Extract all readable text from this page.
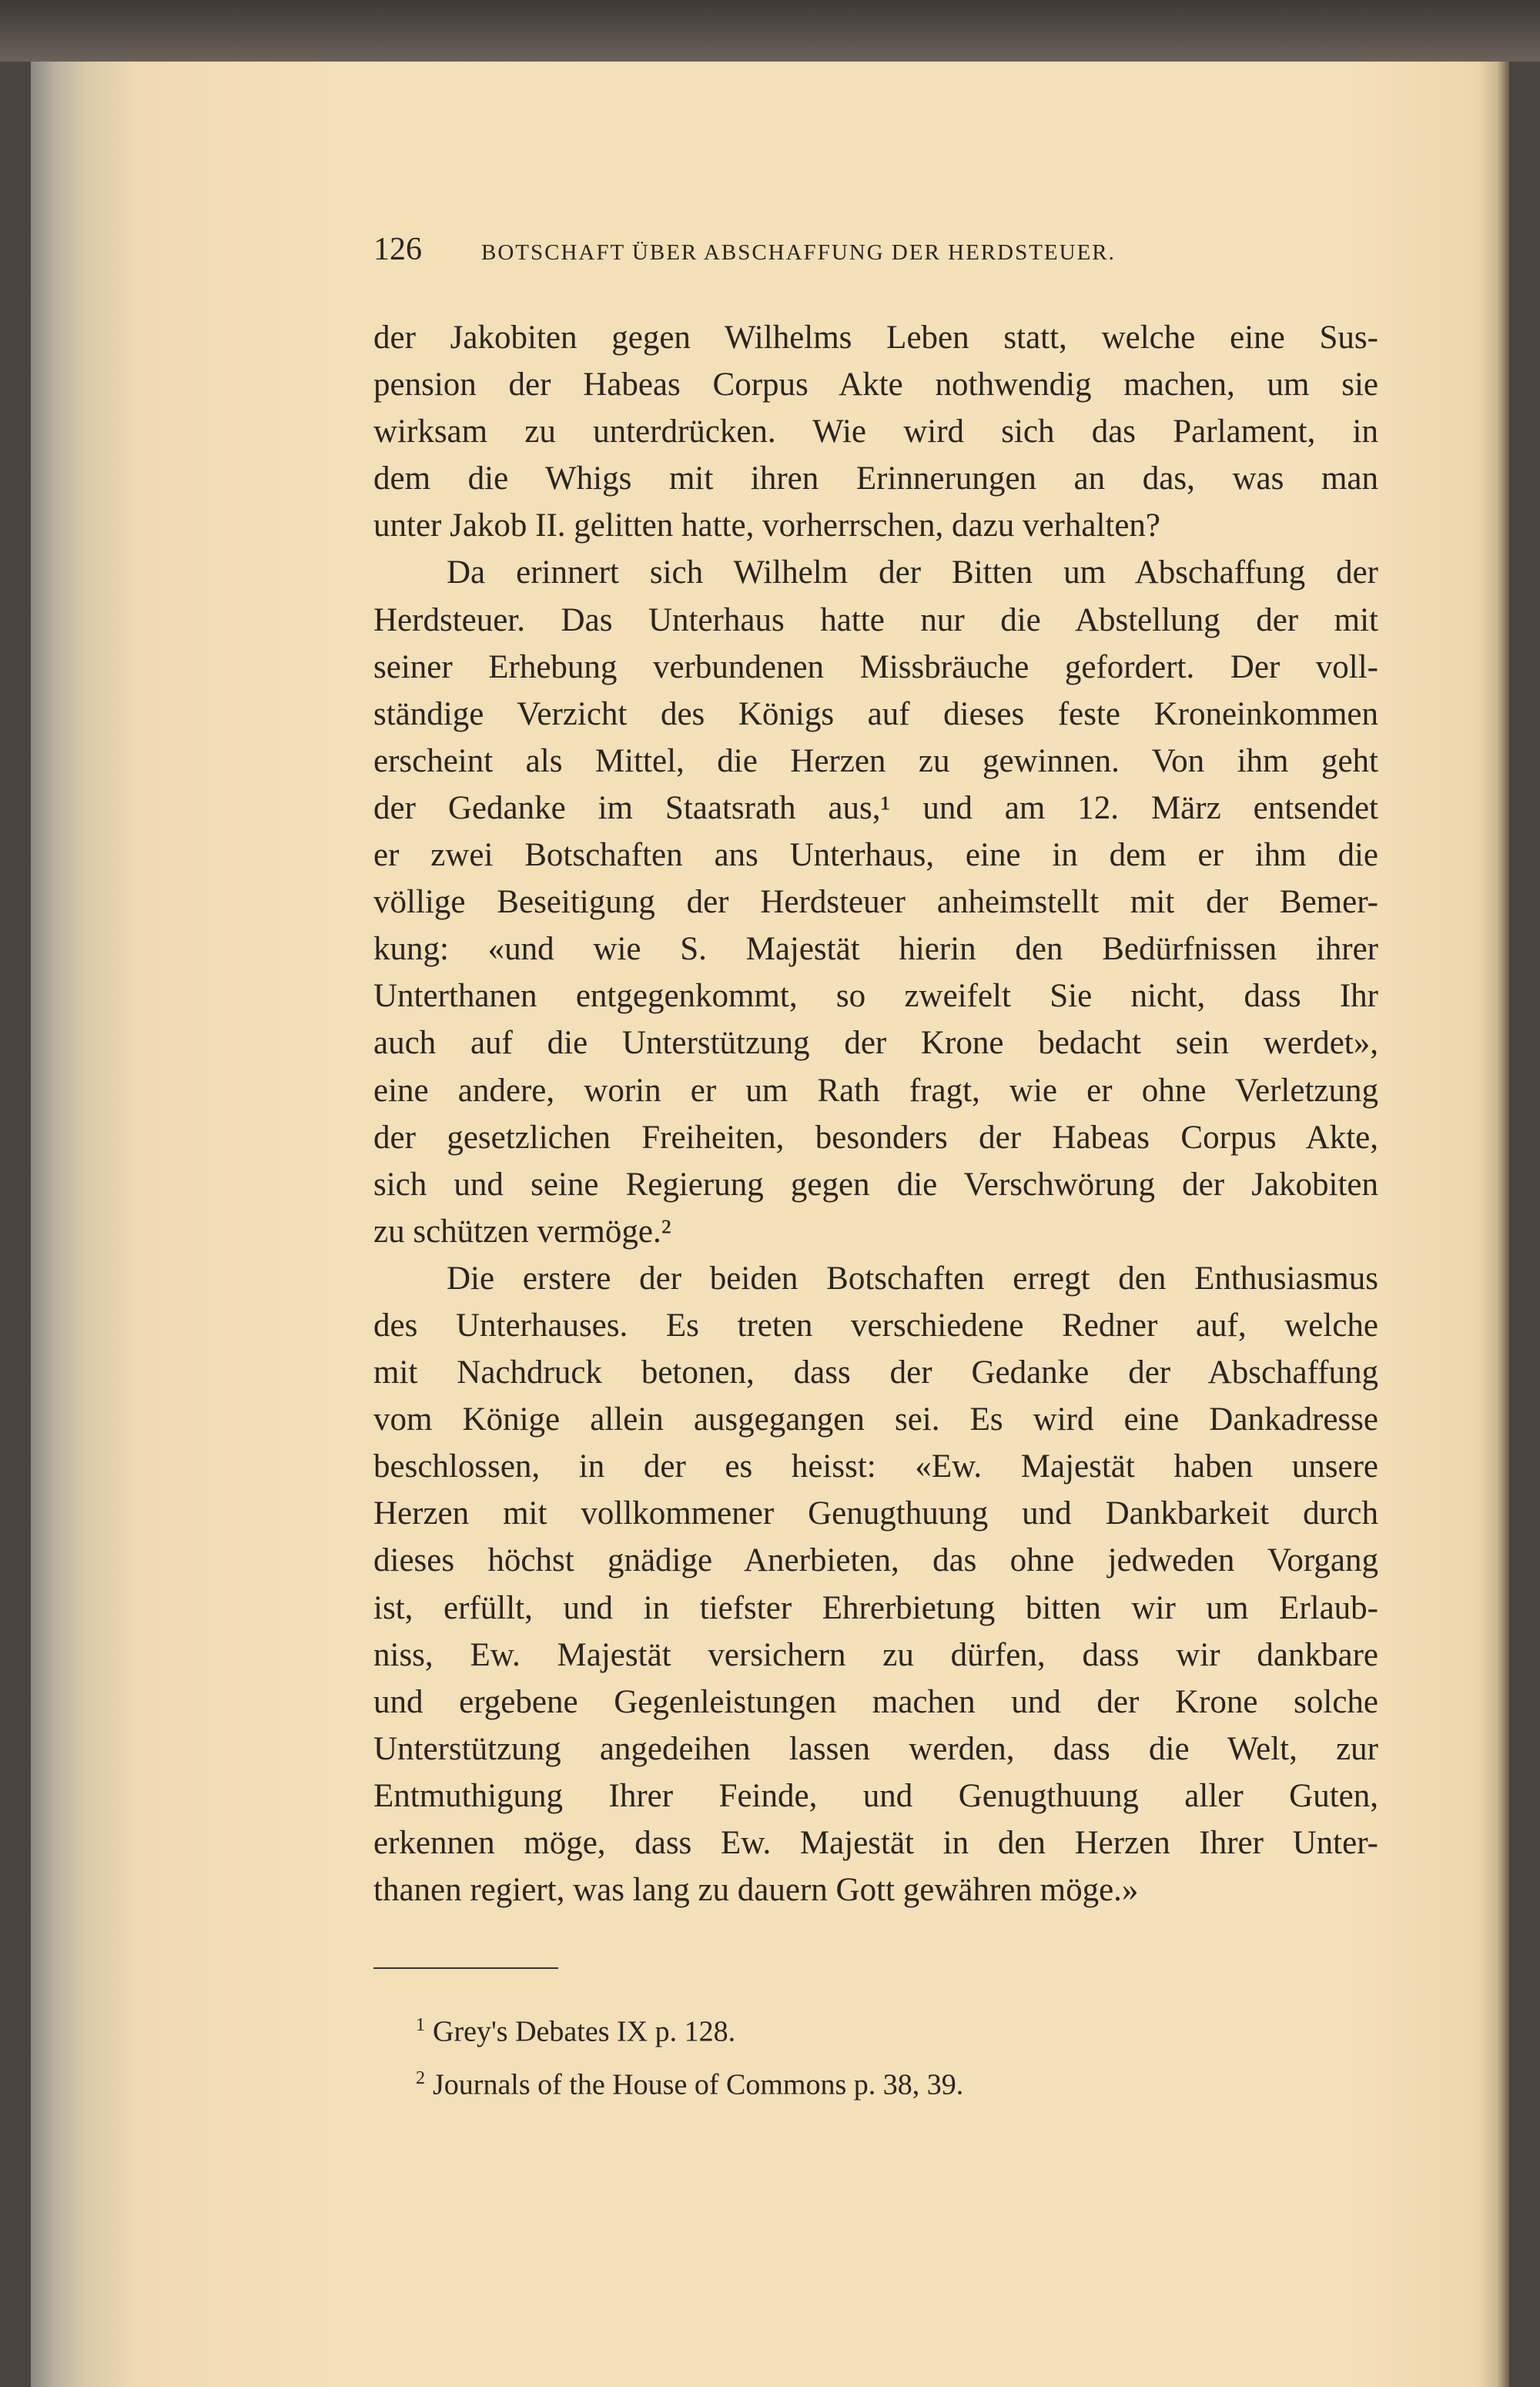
126	BOTSCHAFT ÜBER ABSCHAFFUNG DER HERDSTEUER.
der Jakobiten gegen Wilhelms Leben statt, welche eine Sus-
pension der Habeas Corpus Akte nothwendig machen, um sie
wirksam zu unterdrücken. Wie wird sich das Parlament, in
dem die Whigs mit ihren Erinnerungen an das, was man
unter Jakob II. gelitten hatte, vorherrschen, dazu verhalten?
Da erinnert sich Wilhelm der Bitten um Abschaffung der
Herdsteuer. Das Unterhaus hatte nur die Abstellung der mit
seiner Erhebung verbundenen Missbräuche gefordert. Der voll-
ständige Verzicht des Königs auf dieses feste Kroneinkommen
erscheint als Mittel, die Herzen zu gewinnen. Von ihm geht
der Gedanke im Staatsrath aus,¹ und am 12. März entsendet
er zwei Botschaften ans Unterhaus, eine in dem er ihm die
völlige Beseitigung der Herdsteuer anheimstellt mit der Bemer-
kung: «und wie S. Majestät hierin den Bedürfnissen ihrer
Unterthanen entgegenkommt, so zweifelt Sie nicht, dass Ihr
auch auf die Unterstützung der Krone bedacht sein werdet»,
eine andere, worin er um Rath fragt, wie er ohne Verletzung
der gesetzlichen Freiheiten, besonders der Habeas Corpus Akte,
sich und seine Regierung gegen die Verschwörung der Jakobiten
zu schützen vermöge.²
Die erstere der beiden Botschaften erregt den Enthusiasmus
des Unterhauses. Es treten verschiedene Redner auf, welche
mit Nachdruck betonen, dass der Gedanke der Abschaffung
vom Könige allein ausgegangen sei. Es wird eine Dankadresse
beschlossen, in der es heisst: «Ew. Majestät haben unsere
Herzen mit vollkommener Genugthuung und Dankbarkeit durch
dieses höchst gnädige Anerbieten, das ohne jedweden Vorgang
ist, erfüllt, und in tiefster Ehrerbietung bitten wir um Erlaub-
niss, Ew. Majestät versichern zu dürfen, dass wir dankbare
und ergebene Gegenleistungen machen und der Krone solche
Unterstützung angedeihen lassen werden, dass die Welt, zur
Entmuthigung Ihrer Feinde, und Genugthuung aller Guten,
erkennen möge, dass Ew. Majestät in den Herzen Ihrer Unter-
thanen regiert, was lang zu dauern Gott gewähren möge.»
$^1$ Grey's Debates IX p. 128.
$^2$ Journals of the House of Commons p. 38, 39.
